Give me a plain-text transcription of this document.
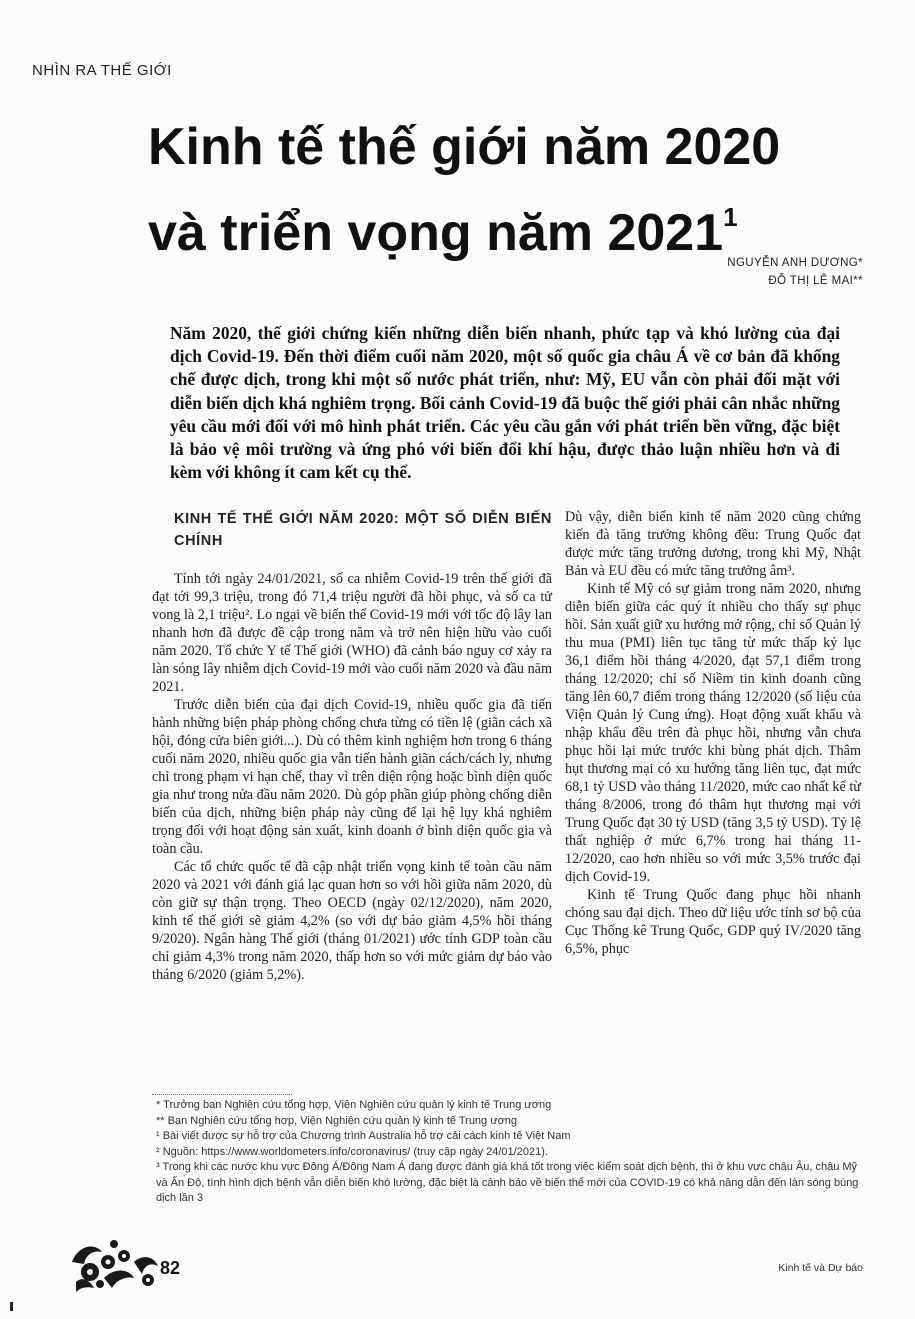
NHÌN RA THẾ GIỚI
Kinh tế thế giới năm 2020
và triển vọng năm 2021$^1$
NGUYỄN ANH DƯƠNG*
ĐỖ THỊ LÊ MAI**

Năm 2020, thế giới chứng kiến những diễn biến nhanh, phức tạp và khó lường của đại dịch Covid-19. Đến thời điểm cuối năm 2020, một số quốc gia châu Á về cơ bản đã khống chế được dịch, trong khi một số nước phát triển, như: Mỹ, EU vẫn còn phải đối mặt với diễn biến dịch khá nghiêm trọng. Bối cảnh Covid-19 đã buộc thế giới phải cân nhắc những yêu cầu mới đối với mô hình phát triển. Các yêu cầu gắn với phát triển bền vững, đặc biệt là bảo vệ môi trường và ứng phó với biến đổi khí hậu, được thảo luận nhiều hơn và đi kèm với không ít cam kết cụ thể.

KINH TẾ THẾ GIỚI NĂM 2020: MỘT SỐ DIỄN BIẾN CHÍNH

Tính tới ngày 24/01/2021, số ca nhiễm Covid-19 trên thế giới đã đạt tới 99,3 triệu, trong đó 71,4 triệu người đã hồi phục, và số ca tử vong là 2,1 triệu². Lo ngại về biến thể Covid-19 mới với tốc độ lây lan nhanh hơn đã được đề cập trong năm và trở nên hiện hữu vào cuối năm 2020. Tổ chức Y tế Thế giới (WHO) đã cảnh báo nguy cơ xảy ra làn sóng lây nhiễm dịch Covid-19 mới vào cuối năm 2020 và đầu năm 2021.

Trước diễn biến của đại dịch Covid-19, nhiều quốc gia đã tiến hành những biện pháp phòng chống chưa từng có tiền lệ (giãn cách xã hội, đóng cửa biên giới...). Dù có thêm kinh nghiệm hơn trong 6 tháng cuối năm 2020, nhiều quốc gia vẫn tiến hành giãn cách/cách ly, nhưng chỉ trong phạm vi hạn chế, thay vì trên diện rộng hoặc bình diện quốc gia như trong nửa đầu năm 2020. Dù góp phần giúp phòng chống diễn biến của dịch, những biện pháp này cũng để lại hệ lụy khá nghiêm trọng đối với hoạt động sản xuất, kinh doanh ở bình diện quốc gia và toàn cầu.

Các tổ chức quốc tế đã cập nhật triển vọng kinh tế toàn cầu năm 2020 và 2021 với đánh giá lạc quan hơn so với hồi giữa năm 2020, dù còn giữ sự thận trọng. Theo OECD (ngày 02/12/2020), năm 2020, kinh tế thế giới sẽ giảm 4,2% (so với dự báo giảm 4,5% hồi tháng 9/2020). Ngân hàng Thế giới (tháng 01/2021) ước tính GDP toàn cầu chỉ giảm 4,3% trong năm 2020, thấp hơn so với mức giảm dự báo vào tháng 6/2020 (giảm 5,2%).

Dù vậy, diễn biến kinh tế năm 2020 cũng chứng kiến đà tăng trưởng không đều: Trung Quốc đạt được mức tăng trưởng dương, trong khi Mỹ, Nhật Bản và EU đều có mức tăng trưởng âm³.

Kinh tế Mỹ có sự giảm trong năm 2020, nhưng diễn biến giữa các quý ít nhiều cho thấy sự phục hồi. Sản xuất giữ xu hướng mở rộng, chỉ số Quản lý thu mua (PMI) liên tục tăng từ mức thấp kỷ lục 36,1 điểm hồi tháng 4/2020, đạt 57,1 điểm trong tháng 12/2020; chỉ số Niềm tin kinh doanh cũng tăng lên 60,7 điểm trong tháng 12/2020 (số liệu của Viện Quản lý Cung ứng). Hoạt động xuất khẩu và nhập khẩu đều trên đà phục hồi, nhưng vẫn chưa phục hồi lại mức trước khi bùng phát dịch. Thâm hụt thương mại có xu hướng tăng liên tục, đạt mức 68,1 tỷ USD vào tháng 11/2020, mức cao nhất kể từ tháng 8/2006, trong đó thâm hụt thương mại với Trung Quốc đạt 30 tỷ USD (tăng 3,5 tỷ USD). Tỷ lệ thất nghiệp ở mức 6,7% trong hai tháng 11-12/2020, cao hơn nhiều so với mức 3,5% trước đại dịch Covid-19.

Kinh tế Trung Quốc đang phục hồi nhanh chóng sau đại dịch. Theo dữ liệu ước tính sơ bộ của Cục Thống kê Trung Quốc, GDP quý IV/2020 tăng 6,5%, phục

* Trưởng ban Nghiên cứu tổng hợp, Viện Nghiên cứu quản lý kinh tế Trung ương

** Ban Nghiên cứu tổng hợp, Viện Nghiên cứu quản lý kinh tế Trung ương

¹ Bài viết được sự hỗ trợ của Chương trình Australia hỗ trợ cải cách kinh tế Việt Nam

² Nguồn: https://www.worldometers.info/coronavirus/ (truy cập ngày 24/01/2021).

³ Trong khi các nước khu vực Đông Á/Đông Nam Á đang được đánh giá khá tốt trong việc kiểm soát dịch bệnh, thì ở khu vực châu Âu, châu Mỹ và Ấn Độ, tình hình dịch bệnh vẫn diễn biến khó lường, đặc biệt là cảnh báo về biến thể mới của COVID-19 có khả năng dẫn đến làn sóng bùng dịch lần 3

82	Kinh tế và Dự báo
